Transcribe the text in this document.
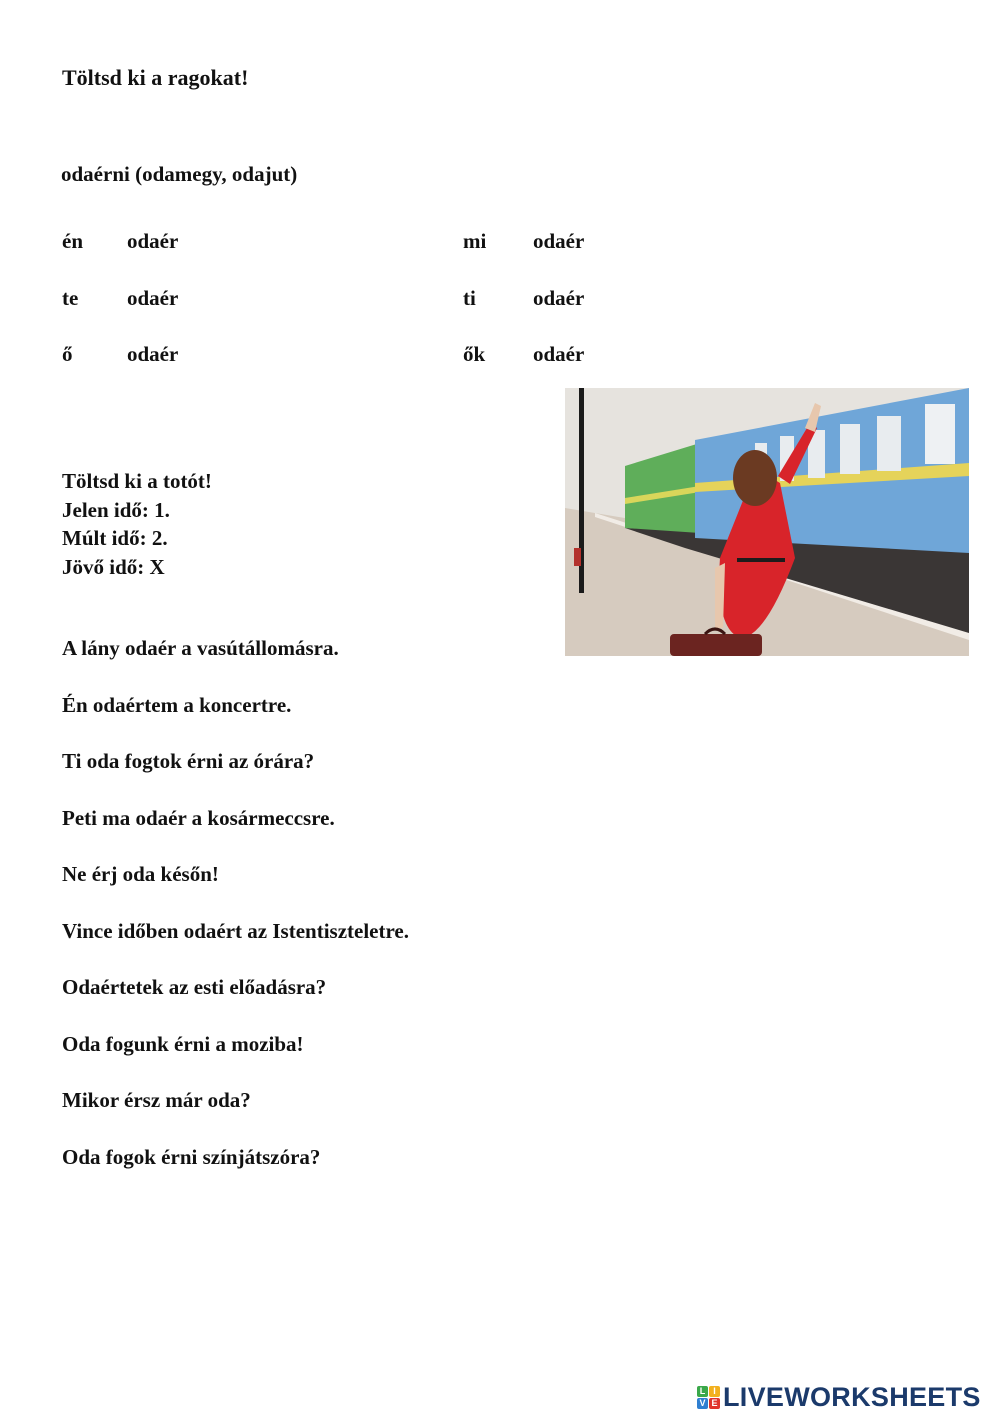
Töltsd ki a ragokat!
odaérni (odamegy, odajut)
én odaér
te odaér
ő	odaér
mi odaér
ti	odaér
ők odaér
Töltsd ki a totót!
Jelen idő: 1.
Múlt idő: 2.
Jövő idő: X
A lány odaér a vasútállomásra.
Én odaértem a koncertre.
Ti oda fogtok érni az órára?
Peti ma odaér a kosármeccsre.
Ne érj oda későn!
Vince időben odaért az Istentiszteletre.
Odaértetek az esti előadásra?
Oda fogunk érni a moziba!
Mikor érsz már oda?
Oda fogok érni színjátszóra?
L I
V E LIVEWORKSHEETS
